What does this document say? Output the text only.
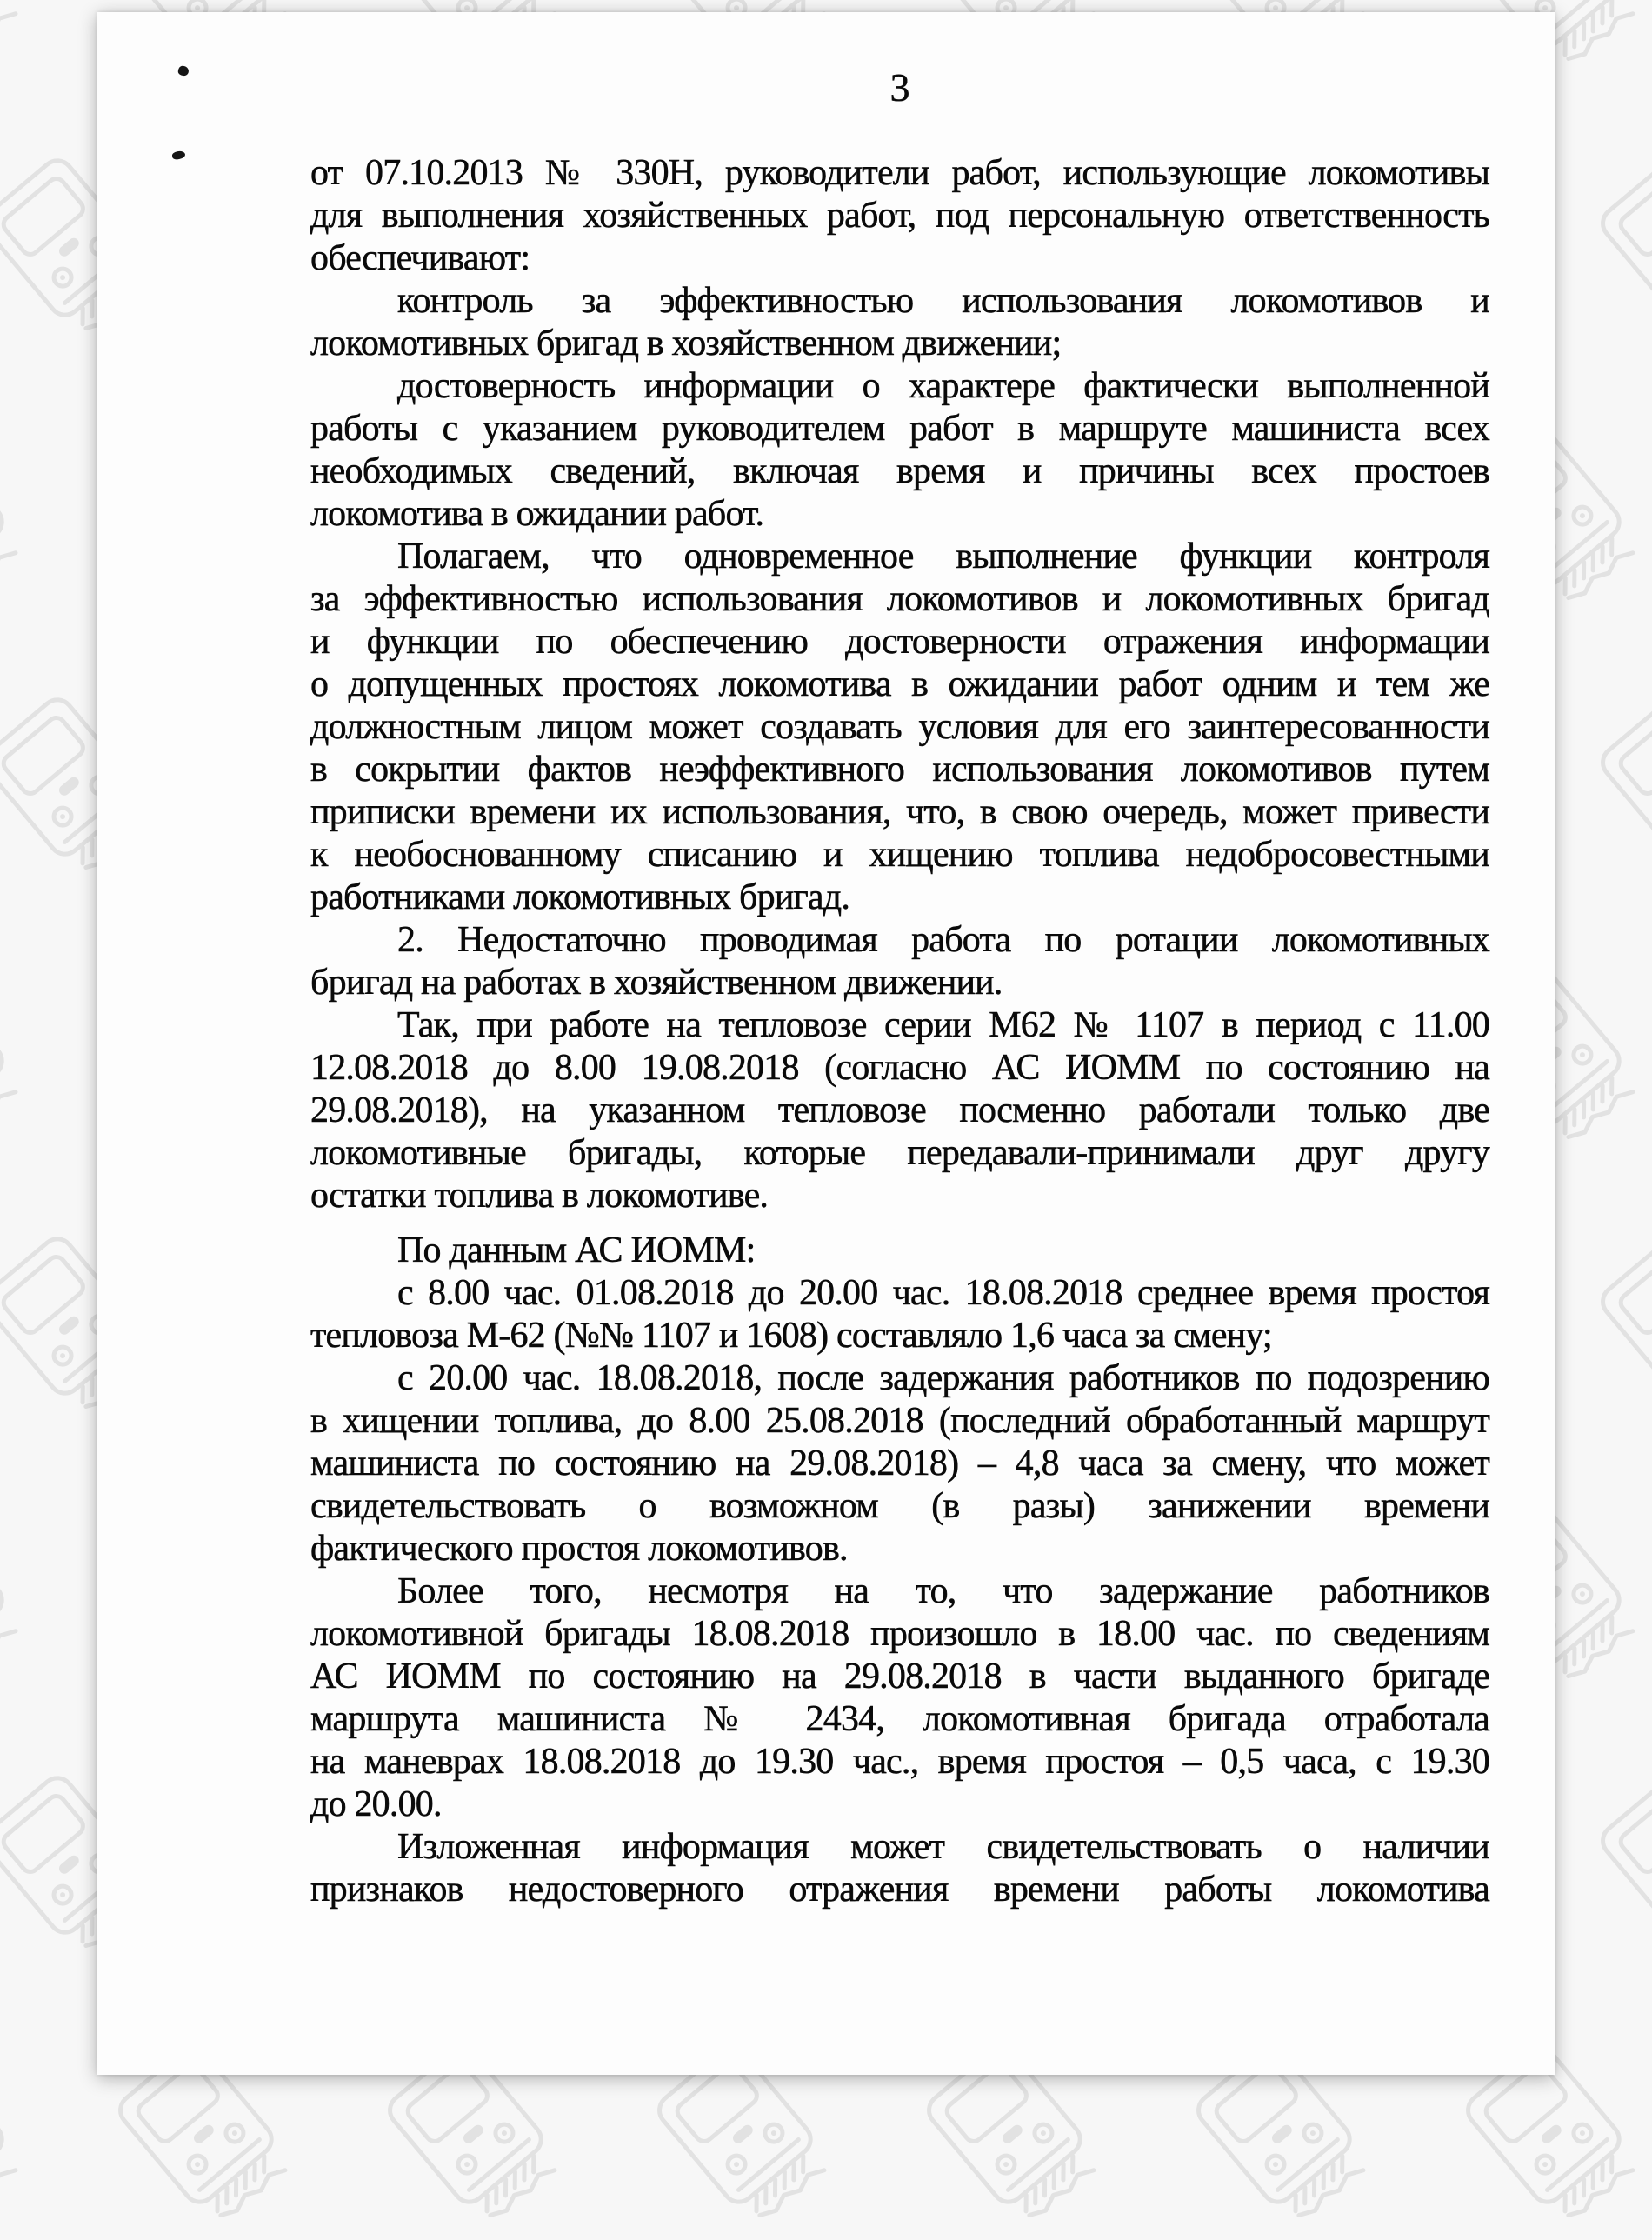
3
от 07.10.2013 № 330Н, руководители работ, использующие локомотивы
для выполнения хозяйственных работ, под персональную ответственность
обеспечивают:
контроль за эффективностью использования локомотивов и
локомотивных бригад в хозяйственном движении;
достоверность информации о характере фактически выполненной
работы с указанием руководителем работ в маршруте машиниста всех
необходимых сведений, включая время и причины всех простоев
локомотива в ожидании работ.
Полагаем, что одновременное выполнение функции контроля
за эффективностью использования локомотивов и локомотивных бригад
и функции по обеспечению достоверности отражения информации
о допущенных простоях локомотива в ожидании работ одним и тем же
должностным лицом может создавать условия для его заинтересованности
в сокрытии фактов неэффективного использования локомотивов путем
приписки времени их использования, что, в свою очередь, может привести
к необоснованному списанию и хищению топлива недобросовестными
работниками локомотивных бригад.
2. Недостаточно проводимая работа по ротации локомотивных
бригад на работах в хозяйственном движении.
Так, при работе на тепловозе серии М62 № 1107 в период с 11.00
12.08.2018 до 8.00 19.08.2018 (согласно АС ИОММ по состоянию на
29.08.2018), на указанном тепловозе посменно работали только две
локомотивные бригады, которые передавали-принимали друг другу
остатки топлива в локомотиве.
По данным АС ИОММ:
с 8.00 час. 01.08.2018 до 20.00 час. 18.08.2018 среднее время простоя
тепловоза М-62 (№№ 1107 и 1608) составляло 1,6 часа за смену;
с 20.00 час. 18.08.2018, после задержания работников по подозрению
в хищении топлива, до 8.00 25.08.2018 (последний обработанный маршрут
машиниста по состоянию на 29.08.2018) – 4,8 часа за смену, что может
свидетельствовать о возможном (в разы) занижении времени
фактического простоя локомотивов.
Более того, несмотря на то, что задержание работников
локомотивной бригады 18.08.2018 произошло в 18.00 час. по сведениям
АС ИОММ по состоянию на 29.08.2018 в части выданного бригаде
маршрута машиниста № 2434, локомотивная бригада отработала
на маневрах 18.08.2018 до 19.30 час., время простоя – 0,5 часа, с 19.30
до 20.00.
Изложенная информация может свидетельствовать о наличии
признаков недостоверного отражения времени работы локомотива
